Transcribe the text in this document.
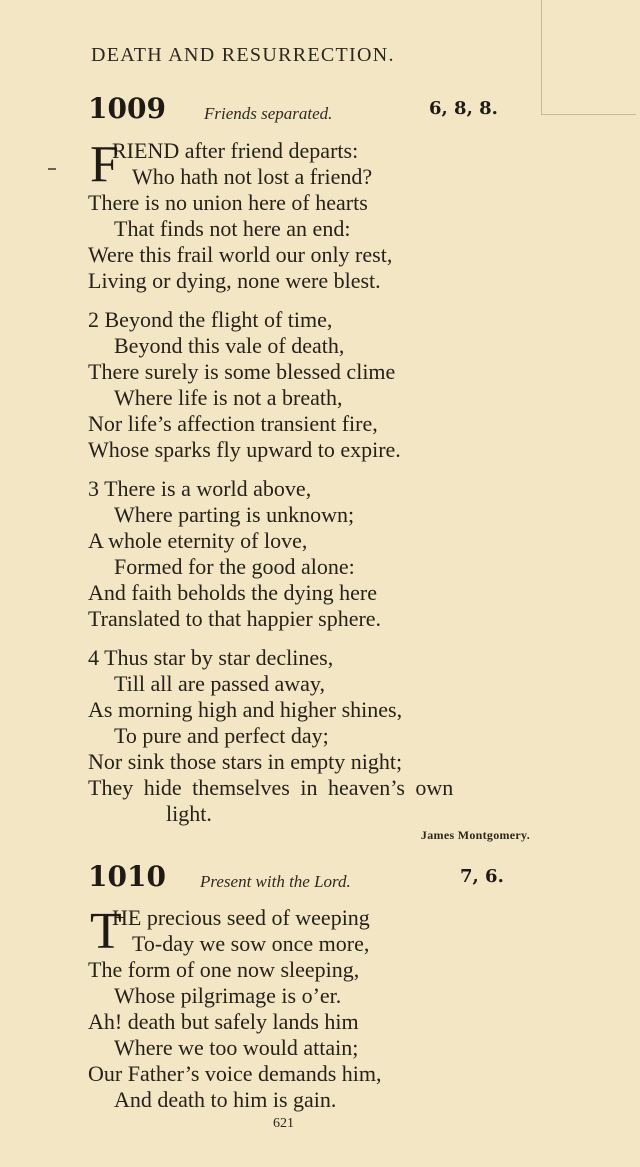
DEATH AND RESURRECTION.
1009 Friends separated.	6, 8, 8.
F
RIEND after friend departs:
Who hath not lost a friend?
There is no union here of hearts
That finds not here an end:
Were this frail world our only rest,
Living or dying, none were blest.
2 Beyond the flight of time,
Beyond this vale of death,
There surely is some blessed clime
Where life is not a breath,
Nor life’s affection transient fire,
Whose sparks fly upward to expire.
3 There is a world above,
Where parting is unknown;
A whole eternity of love,
Formed for the good alone:
And faith beholds the dying here
Translated to that happier sphere.
4 Thus star by star declines,
Till all are passed away,
As morning high and higher shines,
To pure and perfect day;
Nor sink those stars in empty night;
They hide themselves in heaven’s own
light.
James Montgomery.
1010 Present with the Lord.	7, 6.
T
HE precious seed of weeping
To-day we sow once more,
The form of one now sleeping,
Whose pilgrimage is o’er.
Ah! death but safely lands him
Where we too would attain;
Our Father’s voice demands him,
And death to him is gain.
621
